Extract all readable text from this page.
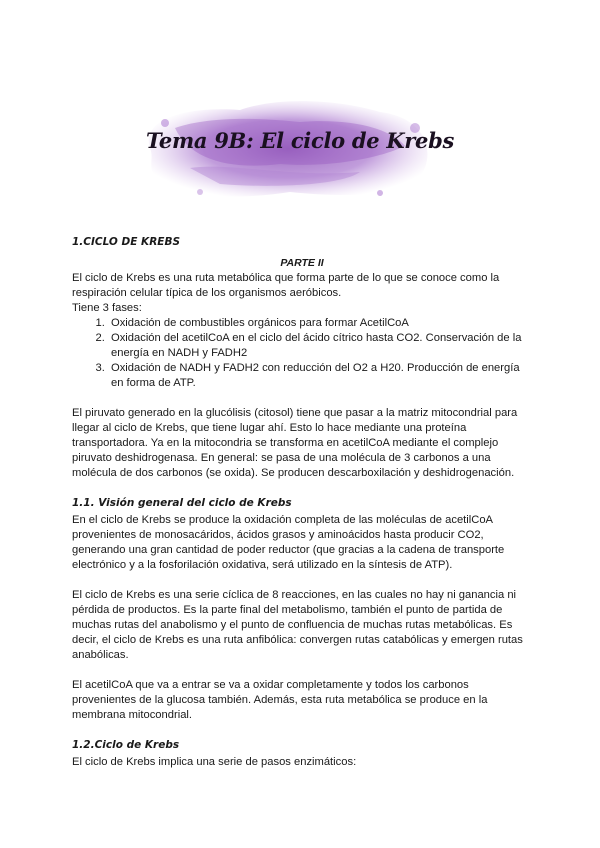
Tema 9B: El ciclo de Krebs
1.CICLO DE KREBS
PARTE II

El ciclo de Krebs es una ruta metabólica que forma parte de lo que se conoce como la respiración celular típica de los organismos aeróbicos.

Tiene 3 fases:

1. Oxidación de combustibles orgánicos para formar AcetilCoA
2. Oxidación del acetilCoA en el ciclo del ácido cítrico hasta CO2. Conservación de la energía en NADH y FADH2
3. Oxidación de NADH y FADH2 con reducción del O2 a H20. Producción de energía en forma de ATP.

El piruvato generado en la glucólisis (citosol) tiene que pasar a la matriz mitocondrial para llegar al ciclo de Krebs, que tiene lugar ahí. Esto lo hace mediante una proteína transportadora. Ya en la mitocondria se transforma en acetilCoA mediante el complejo piruvato deshidrogenasa. En general: se pasa de una molécula de 3 carbonos a una molécula de dos carbonos (se oxida). Se producen descarboxilación y deshidrogenación.

1.1. Visión general del ciclo de Krebs

En el ciclo de Krebs se produce la oxidación completa de las moléculas de acetilCoA provenientes de monosacáridos, ácidos grasos y aminoácidos hasta producir CO2, generando una gran cantidad de poder reductor (que gracias a la cadena de transporte electrónico y a la fosforilación oxidativa, será utilizado en la síntesis de ATP).

El ciclo de Krebs es una serie cíclica de 8 reacciones, en las cuales no hay ni ganancia ni pérdida de productos. Es la parte final del metabolismo, también el punto de partida de muchas rutas del anabolismo y el punto de confluencia de muchas rutas metabólicas. Es decir, el ciclo de Krebs es una ruta anfibólica: convergen rutas catabólicas y emergen rutas anabólicas.

El acetilCoA que va a entrar se va a oxidar completamente y todos los carbonos provenientes de la glucosa también. Además, esta ruta metabólica se produce en la membrana mitocondrial.

1.2.Ciclo de Krebs

El ciclo de Krebs implica una serie de pasos enzimáticos:
